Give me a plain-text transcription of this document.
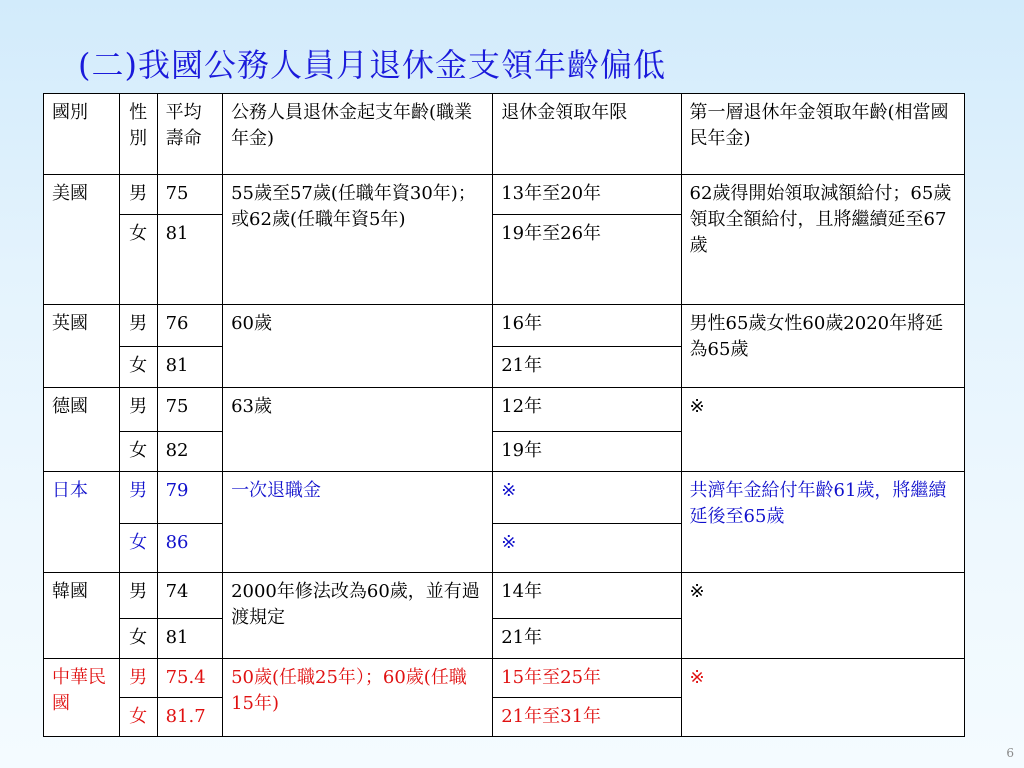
(二)我國公務人員月退休金支領年齡偏低
國別	性別	平均壽命	公務人員退休金起支年齡(職業年金)	退休金領取年限	第一層退休年金領取年齡(相當國民年金)
美國	男	75	55歲至57歲(任職年資30年)；或62歲(任職年資5年)	13年至20年	62歲得開始領取減額給付；65歲領取全額給付，且將繼續延至67歲
	女	81		19年至26年	
英國	男	76	60歲	16年	男性65歲女性60歲2020年將延為65歲
	女	81		21年	
德國	男	75	63歲	12年	※
	女	82		19年	
日本	男	79	一次退職金	※	共濟年金給付年齡61歲，將繼續延後至65歲
	女	86		※	
韓國	男	74	2000年修法改為60歲，並有過渡規定	14年	※
	女	81		21年	
中華民國	男	75.4	50歲(任職25年）；60歲(任職15年)	15年至25年	※
	女	81.7		21年至31年	
6
